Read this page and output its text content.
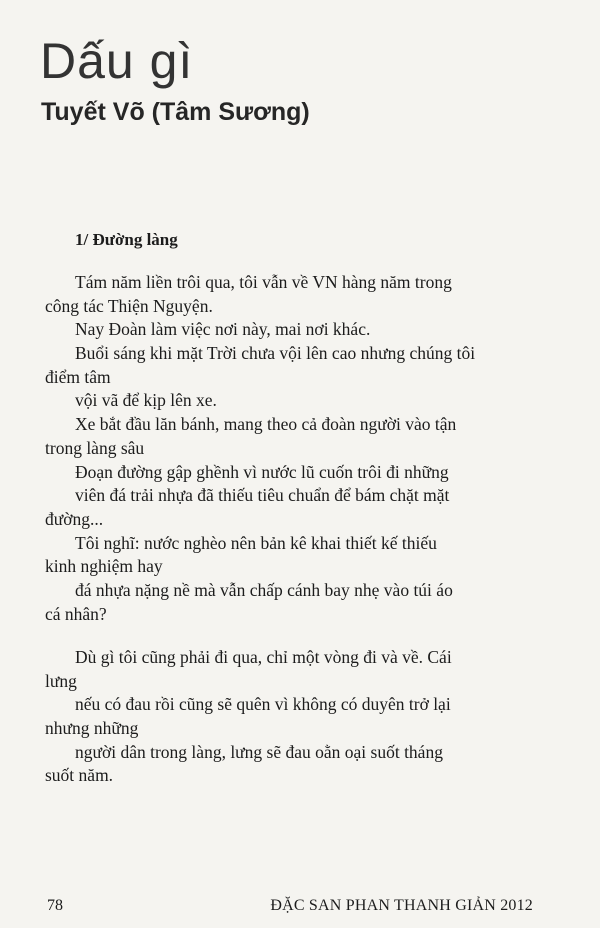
Dấu gì
Tuyết Võ (Tâm Sương)
1/ Đường làng
Tám năm liền trôi qua, tôi vẫn về VN hàng năm trong
công tác Thiện Nguyện.
Nay Đoàn làm việc nơi này, mai nơi khác.
Buổi sáng khi mặt Trời chưa vội lên cao nhưng chúng tôi
điểm tâm
vội vã để kịp lên xe.
Xe bắt đầu lăn bánh, mang theo cả đoàn người vào tận
trong làng sâu
Đoạn đường gập ghềnh vì nước lũ cuốn trôi đi những
viên đá trải nhựa đã thiếu tiêu chuẩn để bám chặt mặt
đường...
Tôi nghĩ: nước nghèo nên bản kê khai thiết kế thiếu
kinh nghiệm hay
đá nhựa nặng nề mà vẫn chấp cánh bay nhẹ vào túi áo
cá nhân?
Dù gì tôi cũng phải đi qua, chỉ một vòng đi và về. Cái
lưng
nếu có đau rồi cũng sẽ quên vì không có duyên trở lại
nhưng những
người dân trong làng, lưng sẽ đau oằn oại suốt tháng
suốt năm.
78	ĐẶC SAN PHAN THANH GIẢN 2012
